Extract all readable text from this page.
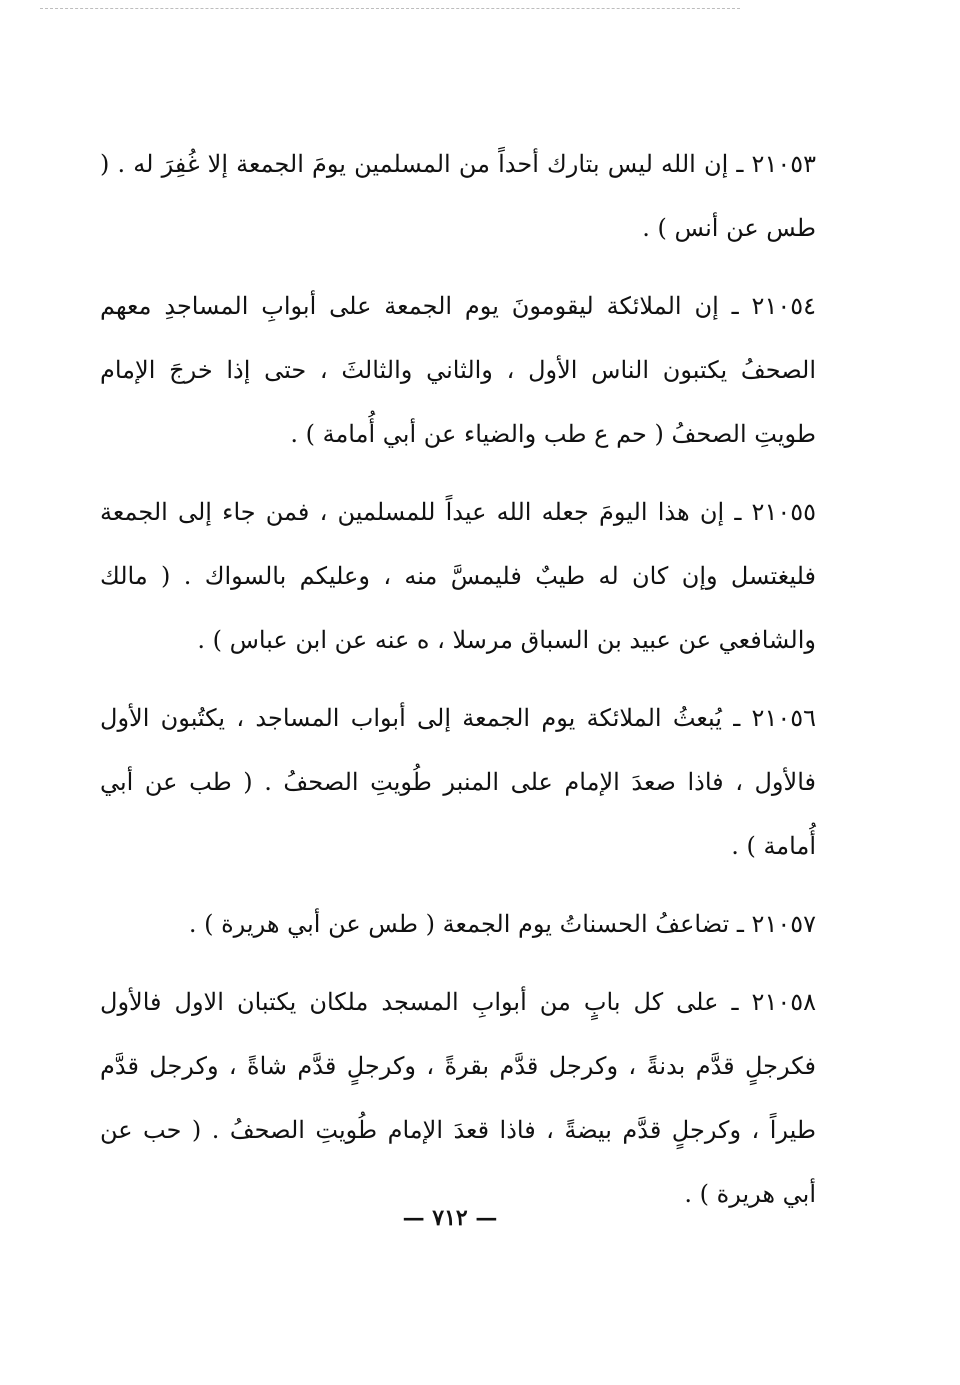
٢١٠٥٣ ـ إن الله ليس بتارك أحداً من المسلمين يومَ الجمعة إلا غُفِرَ له . ( طس عن أنس ) .

٢١٠٥٤ ـ إن الملائكة ليقومونَ يوم الجمعة على أبوابِ المساجدِ معهم الصحفُ يكتبون الناس الأول ، والثاني والثالثَ ، حتى إذا خرجَ الإمام طويتِ الصحفُ ( حم ع طب والضياء عن أبي أُمامة ) .

٢١٠٥٥ ـ إن هذا اليومَ جعله الله عيداً للمسلمين ، فمن جاء إلى الجمعة فليغتسل وإن كان له طيبٌ فليمسَّ منه ، وعليكم بالسواك . ( مالك والشافعي عن عبيد بن السباق مرسلا ، ه عنه عن ابن عباس ) .

٢١٠٥٦ ـ يُبعثُ الملائكة يوم الجمعة إلى أبواب المساجد ، يكتُبون الأول فالأول ، فاذا صعدَ الإمام على المنبر طُويتِ الصحفُ . ( طب عن أبي أُمامة ) .

٢١٠٥٧ ـ تضاعفُ الحسناتُ يوم الجمعة ( طس عن أبي هريرة ) .

٢١٠٥٨ ـ على كل بابٍ من أبوابِ المسجد ملكان يكتبان الاول فالأول فكرجلٍ قدَّم بدنةً ، وكرجل قدَّم بقرةً ، وكرجلٍ قدَّم شاةً ، وكرجل قدَّم طيراً ، وكرجلٍ قدَّم بيضةً ، فاذا قعدَ الإمام طُويتِ الصحفُ . ( حب عن أبي هريرة ) .

— ٧١٢ —
